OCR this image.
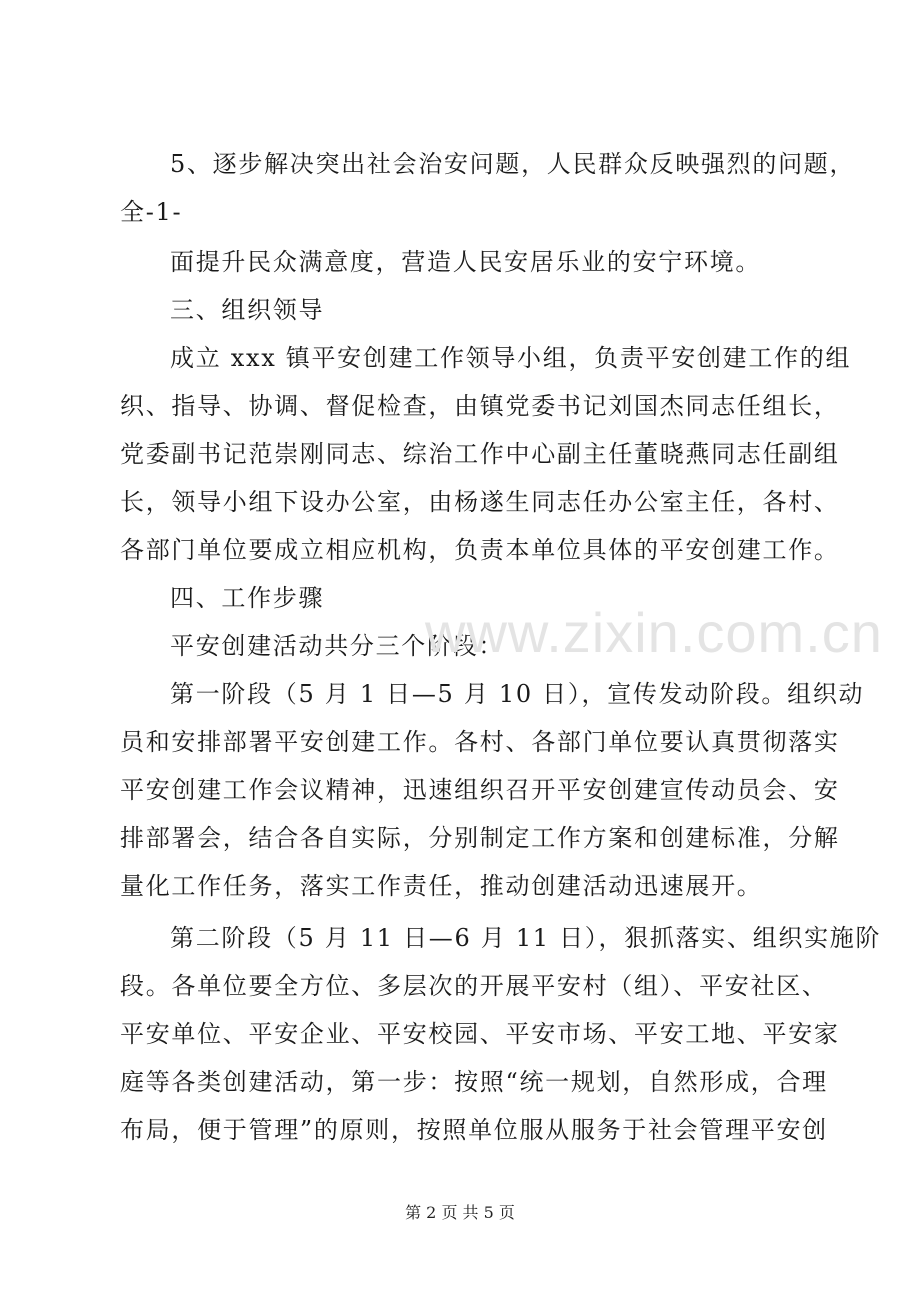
5、逐步解决突出社会治安问题，人民群众反映强烈的问题，
全-1-
面提升民众满意度，营造人民安居乐业的安宁环境。
三、组织领导
成立 xxx 镇平安创建工作领导小组，负责平安创建工作的组
织、指导、协调、督促检查，由镇党委书记刘国杰同志任组长，
党委副书记范崇刚同志、综治工作中心副主任董晓燕同志任副组
长，领导小组下设办公室，由杨遂生同志任办公室主任，各村、
各部门单位要成立相应机构，负责本单位具体的平安创建工作。
四、工作步骤
平安创建活动共分三个阶段：
第一阶段（5 月 1 日—5 月 10 日），宣传发动阶段。组织动
员和安排部署平安创建工作。各村、各部门单位要认真贯彻落实
平安创建工作会议精神，迅速组织召开平安创建宣传动员会、安
排部署会，结合各自实际，分别制定工作方案和创建标准，分解
量化工作任务，落实工作责任，推动创建活动迅速展开。
第二阶段（5 月 11 日—6 月 11 日），狠抓落实、组织实施阶
段。各单位要全方位、多层次的开展平安村（组）、平安社区、
平安单位、平安企业、平安校园、平安市场、平安工地、平安家
庭等各类创建活动，第一步：按照“统一规划，自然形成，合理
布局，便于管理”的原则，按照单位服从服务于社会管理平安创
www.zixin.com.cn
第 2 页 共 5 页
